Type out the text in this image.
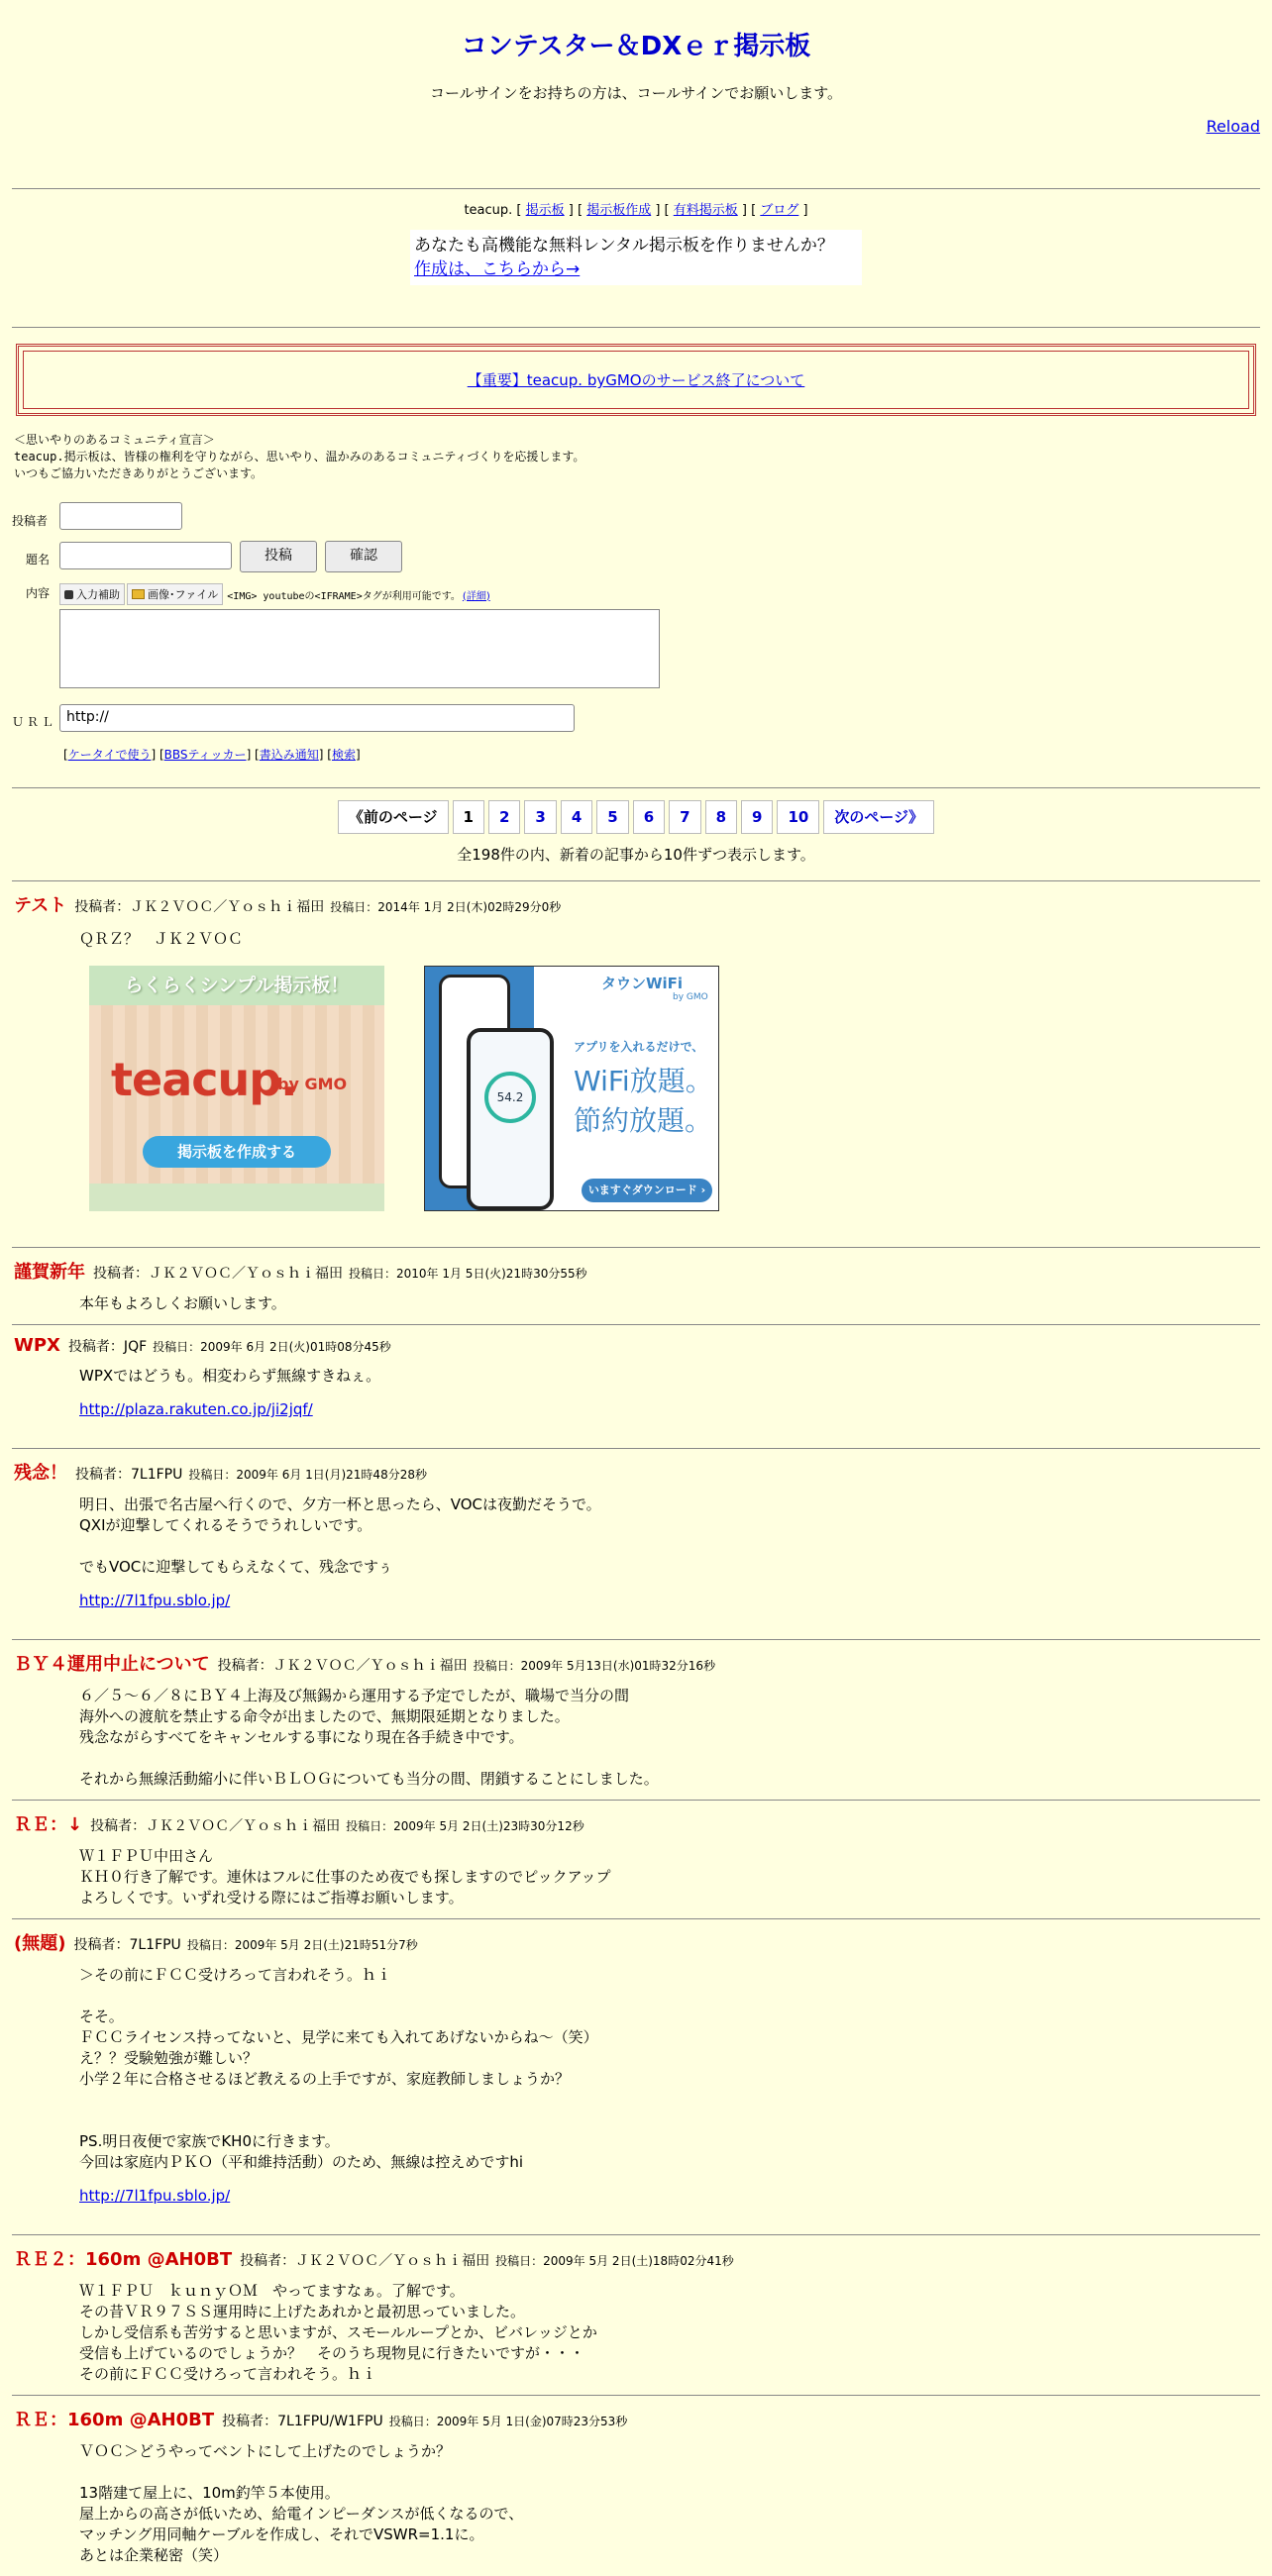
コンテスター＆DXｅｒ掲示板
コールサインをお持ちの方は、コールサインでお願いします。
Reload
teacup. [ 掲示板 ] [ 掲示板作成 ] [ 有料掲示板 ] [ ブログ ]
あなたも高機能な無料レンタル掲示板を作りませんか？
作成は、こちらから→
【重要】teacup. byGMOのサービス終了について
＜思いやりのあるコミュニティ宣言＞
teacup.掲示板は、皆様の権利を守りながら、思いやり、温かみのあるコミュニティづくりを応援します。
いつもご協力いただきありがとうございます。
投稿者
題名	投稿	確認
内容 入力補助	画像･ファイル <IMG> youtubeの<IFRAME>タグが利用可能です。 (詳細)
ＵＲＬ http://
[ケータイで使う] [BBSティッカー] [書込み通知] [検索]
《前のページ	1	2	3	4	5	6	7	8	9	10	次のページ》
全198件の内、新着の記事から10件ずつ表示します。
テスト 投稿者：ＪＫ２ＶＯＣ／Ｙｏｓｈｉ福田 投稿日：2014年 1月 2日(木)02時29分0秒
ＱＲＺ？　ＪＫ２ＶＯＣ
らくらくシンプル掲示板！
teacup.
by GMO
掲示板を作成する
54.2
タウンWiFi
by GMO
アプリを入れるだけで、
WiFi放題。
節約放題。
いますぐダウンロード ›
謹賀新年 投稿者：ＪＫ２ＶＯＣ／Ｙｏｓｈｉ福田 投稿日：2010年 1月 5日(火)21時30分55秒
本年もよろしくお願いします。
WPX 投稿者：JQF 投稿日：2009年 6月 2日(火)01時08分45秒
WPXではどうも。相変わらず無線すきねぇ。
http://plaza.rakuten.co.jp/ji2jqf/
残念！ 投稿者：7L1FPU 投稿日：2009年 6月 1日(月)21時48分28秒
明日、出張で名古屋へ行くので、夕方一杯と思ったら、VOCは夜勤だそうで。
QXIが迎撃してくれるそうでうれしいです。

でもVOCに迎撃してもらえなくて、残念ですぅ
http://7l1fpu.sblo.jp/
ＢＹ４運用中止について 投稿者：ＪＫ２ＶＯＣ／Ｙｏｓｈｉ福田 投稿日：2009年 5月13日(水)01時32分16秒
６／５～６／８にＢＹ４上海及び無錫から運用する予定でしたが、職場で当分の間
海外への渡航を禁止する命令が出ましたので、無期限延期となりました。
残念ながらすべてをキャンセルする事になり現在各手続き中です。

それから無線活動縮小に伴いＢＬＯＧについても当分の間、閉鎖することにしました。
ＲＥ：↓ 投稿者：ＪＫ２ＶＯＣ／Ｙｏｓｈｉ福田 投稿日：2009年 5月 2日(土)23時30分12秒
Ｗ１ＦＰＵ中田さん
ＫＨ０行き了解です。連休はフルに仕事のため夜でも探しますのでピックアップ
よろしくです。いずれ受ける際にはご指導お願いします。
(無題) 投稿者：7L1FPU 投稿日：2009年 5月 2日(土)21時51分7秒
＞その前にＦＣＣ受けろって言われそう。ｈｉ

そそ。
ＦＣＣライセンス持ってないと、見学に来ても入れてあげないからね～（笑）
え？？受験勉強が難しい？
小学２年に合格させるほど教えるの上手ですが、家庭教師しましょうか？

PS.明日夜便で家族でKH0に行きます。
今回は家庭内ＰＫＯ（平和維持活動）のため、無線は控えめですhi
http://7l1fpu.sblo.jp/
ＲＥ２：160m @AH0BT 投稿者：ＪＫ２ＶＯＣ／Ｙｏｓｈｉ福田 投稿日：2009年 5月 2日(土)18時02分41秒
Ｗ１ＦＰＵ　ｋｕｎｙＯＭ　やってますなぁ。了解です。
その昔ＶＲ９７ＳＳ運用時に上げたあれかと最初思っていました。
しかし受信系も苦労すると思いますが、スモールループとか、ビバレッジとか
受信も上げているのでしょうか？　そのうち現物見に行きたいですが・・・
その前にＦＣＣ受けろって言われそう。ｈｉ
ＲＥ：160m @AH0BT 投稿者：7L1FPU/W1FPU 投稿日：2009年 5月 1日(金)07時23分53秒
ＶＯＣ＞どうやってベントにして上げたのでしょうか？

13階建て屋上に、10m釣竿５本使用。
屋上からの高さが低いため、給電インピーダンスが低くなるので、
マッチング用同軸ケーブルを作成し、それでVSWR=1.1に。
あとは企業秘密（笑）
